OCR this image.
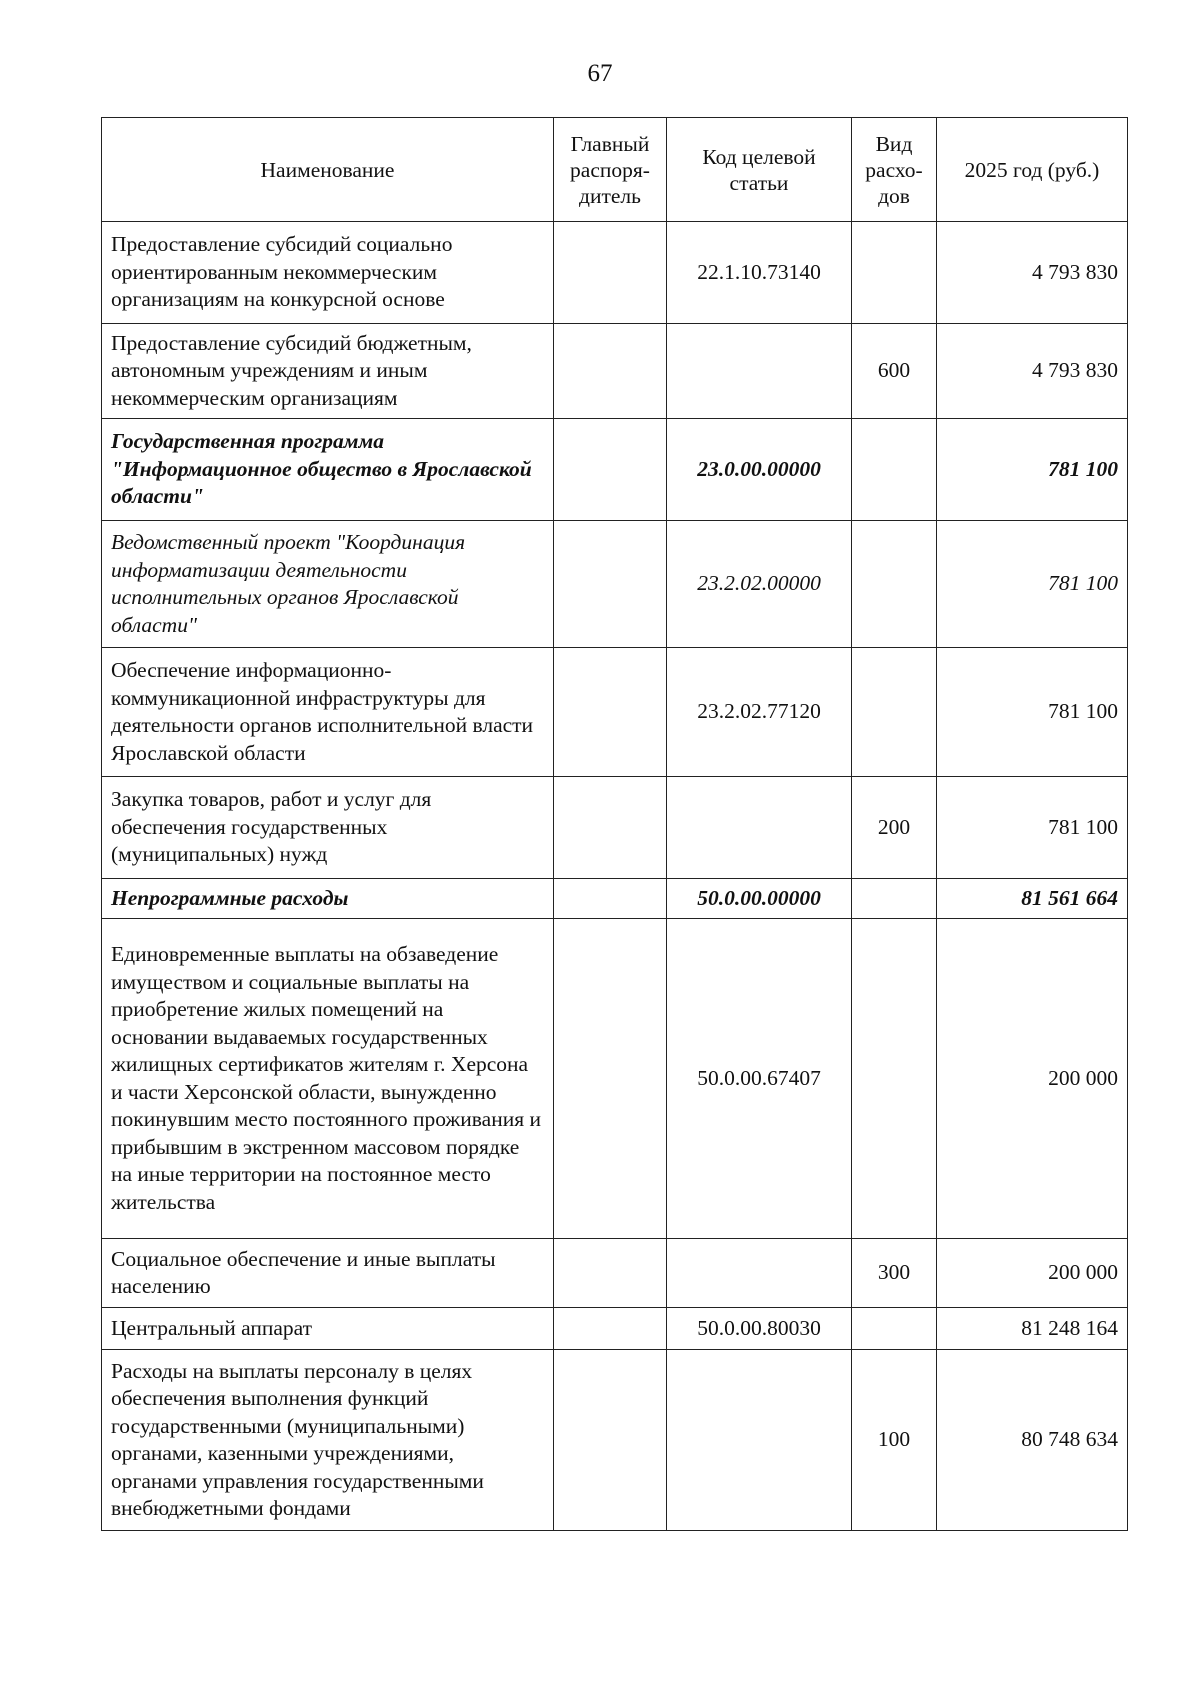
67
Наименование	Главный распоря-дитель	Код целевой статьи	Вид расхо-дов	2025 год (руб.)
Предоставление субсидий социально ориентированным некоммерческим организациям на конкурсной основе		22.1.10.73140		4 793 830
Предоставление субсидий бюджетным, автономным учреждениям и иным некоммерческим организациям			600	4 793 830
Государственная программа "Информационное общество в Ярославской области"		23.0.00.00000		781 100
Ведомственный проект "Координация информатизации деятельности исполнительных органов Ярославской области"		23.2.02.00000		781 100
Обеспечение информационно-коммуникационной инфраструктуры для деятельности органов исполнительной власти Ярославской области		23.2.02.77120		781 100
Закупка товаров, работ и услуг для обеспечения государственных (муниципальных) нужд			200	781 100
Непрограммные расходы		50.0.00.00000		81 561 664
Единовременные выплаты на обзаведение имуществом и социальные выплаты на приобретение жилых помещений на основании выдаваемых государственных жилищных сертификатов жителям г. Херсона и части Херсонской области, вынужденно покинувшим место постоянного проживания и прибывшим в экстренном массовом порядке на иные территории на постоянное место жительства		50.0.00.67407		200 000
Социальное обеспечение и иные выплаты населению			300	200 000
Центральный аппарат		50.0.00.80030		81 248 164
Расходы на выплаты персоналу в целях обеспечения выполнения функций государственными (муниципальными) органами, казенными учреждениями, органами управления государственными внебюджетными фондами			100	80 748 634
